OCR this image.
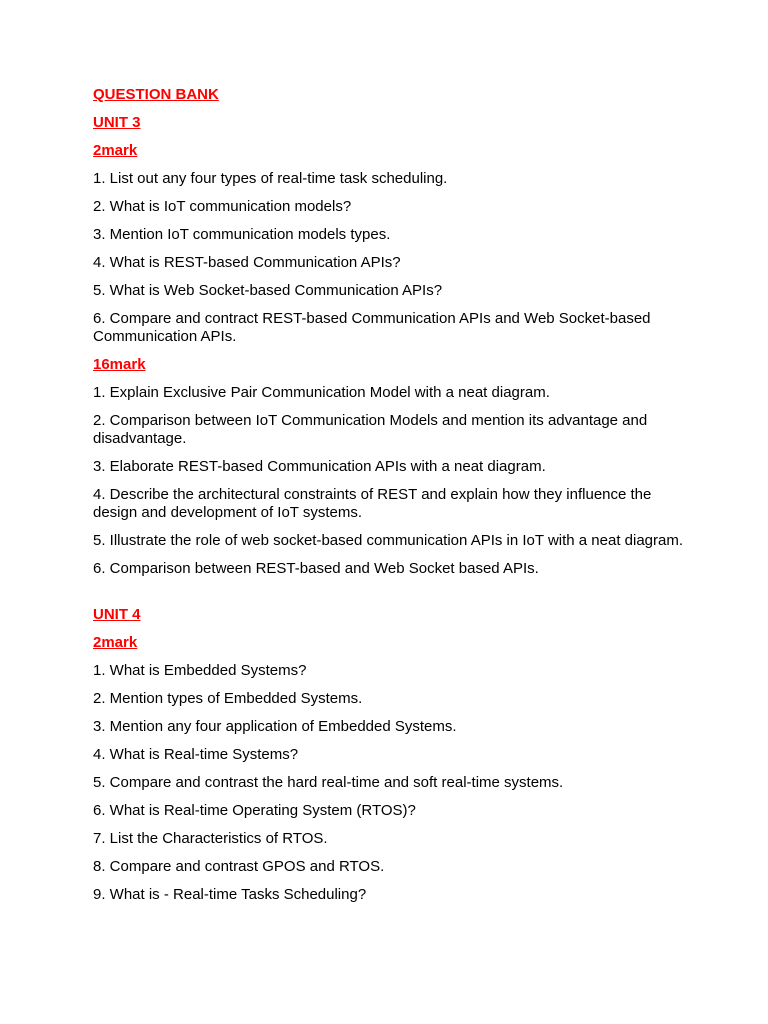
QUESTION BANK
UNIT 3
2mark
1. List out any four types of real-time task scheduling.
2. What is IoT communication models?
3. Mention IoT communication models types.
4. What is REST-based Communication APIs?
5. What is Web Socket-based Communication APIs?
6. Compare and contract REST-based Communication APIs and Web Socket-based Communication APIs.
16mark
1. Explain Exclusive Pair Communication Model with a neat diagram.
2. Comparison between IoT Communication Models and mention its advantage and disadvantage.
3. Elaborate REST-based Communication APIs with a neat diagram.
4. Describe the architectural constraints of REST and explain how they influence the design and development of IoT systems.
5. Illustrate the role of web socket-based communication APIs in IoT with a neat diagram.
6. Comparison between REST-based and Web Socket based APIs.
UNIT 4
2mark
1. What is Embedded Systems?
2. Mention types of Embedded Systems.
3. Mention any four application of Embedded Systems.
4. What is Real-time Systems?
5. Compare and contrast the hard real-time and soft real-time systems.
6. What is Real-time Operating System (RTOS)?
7. List the Characteristics of RTOS.
8. Compare and contrast GPOS and RTOS.
9. What is - Real-time Tasks Scheduling?
